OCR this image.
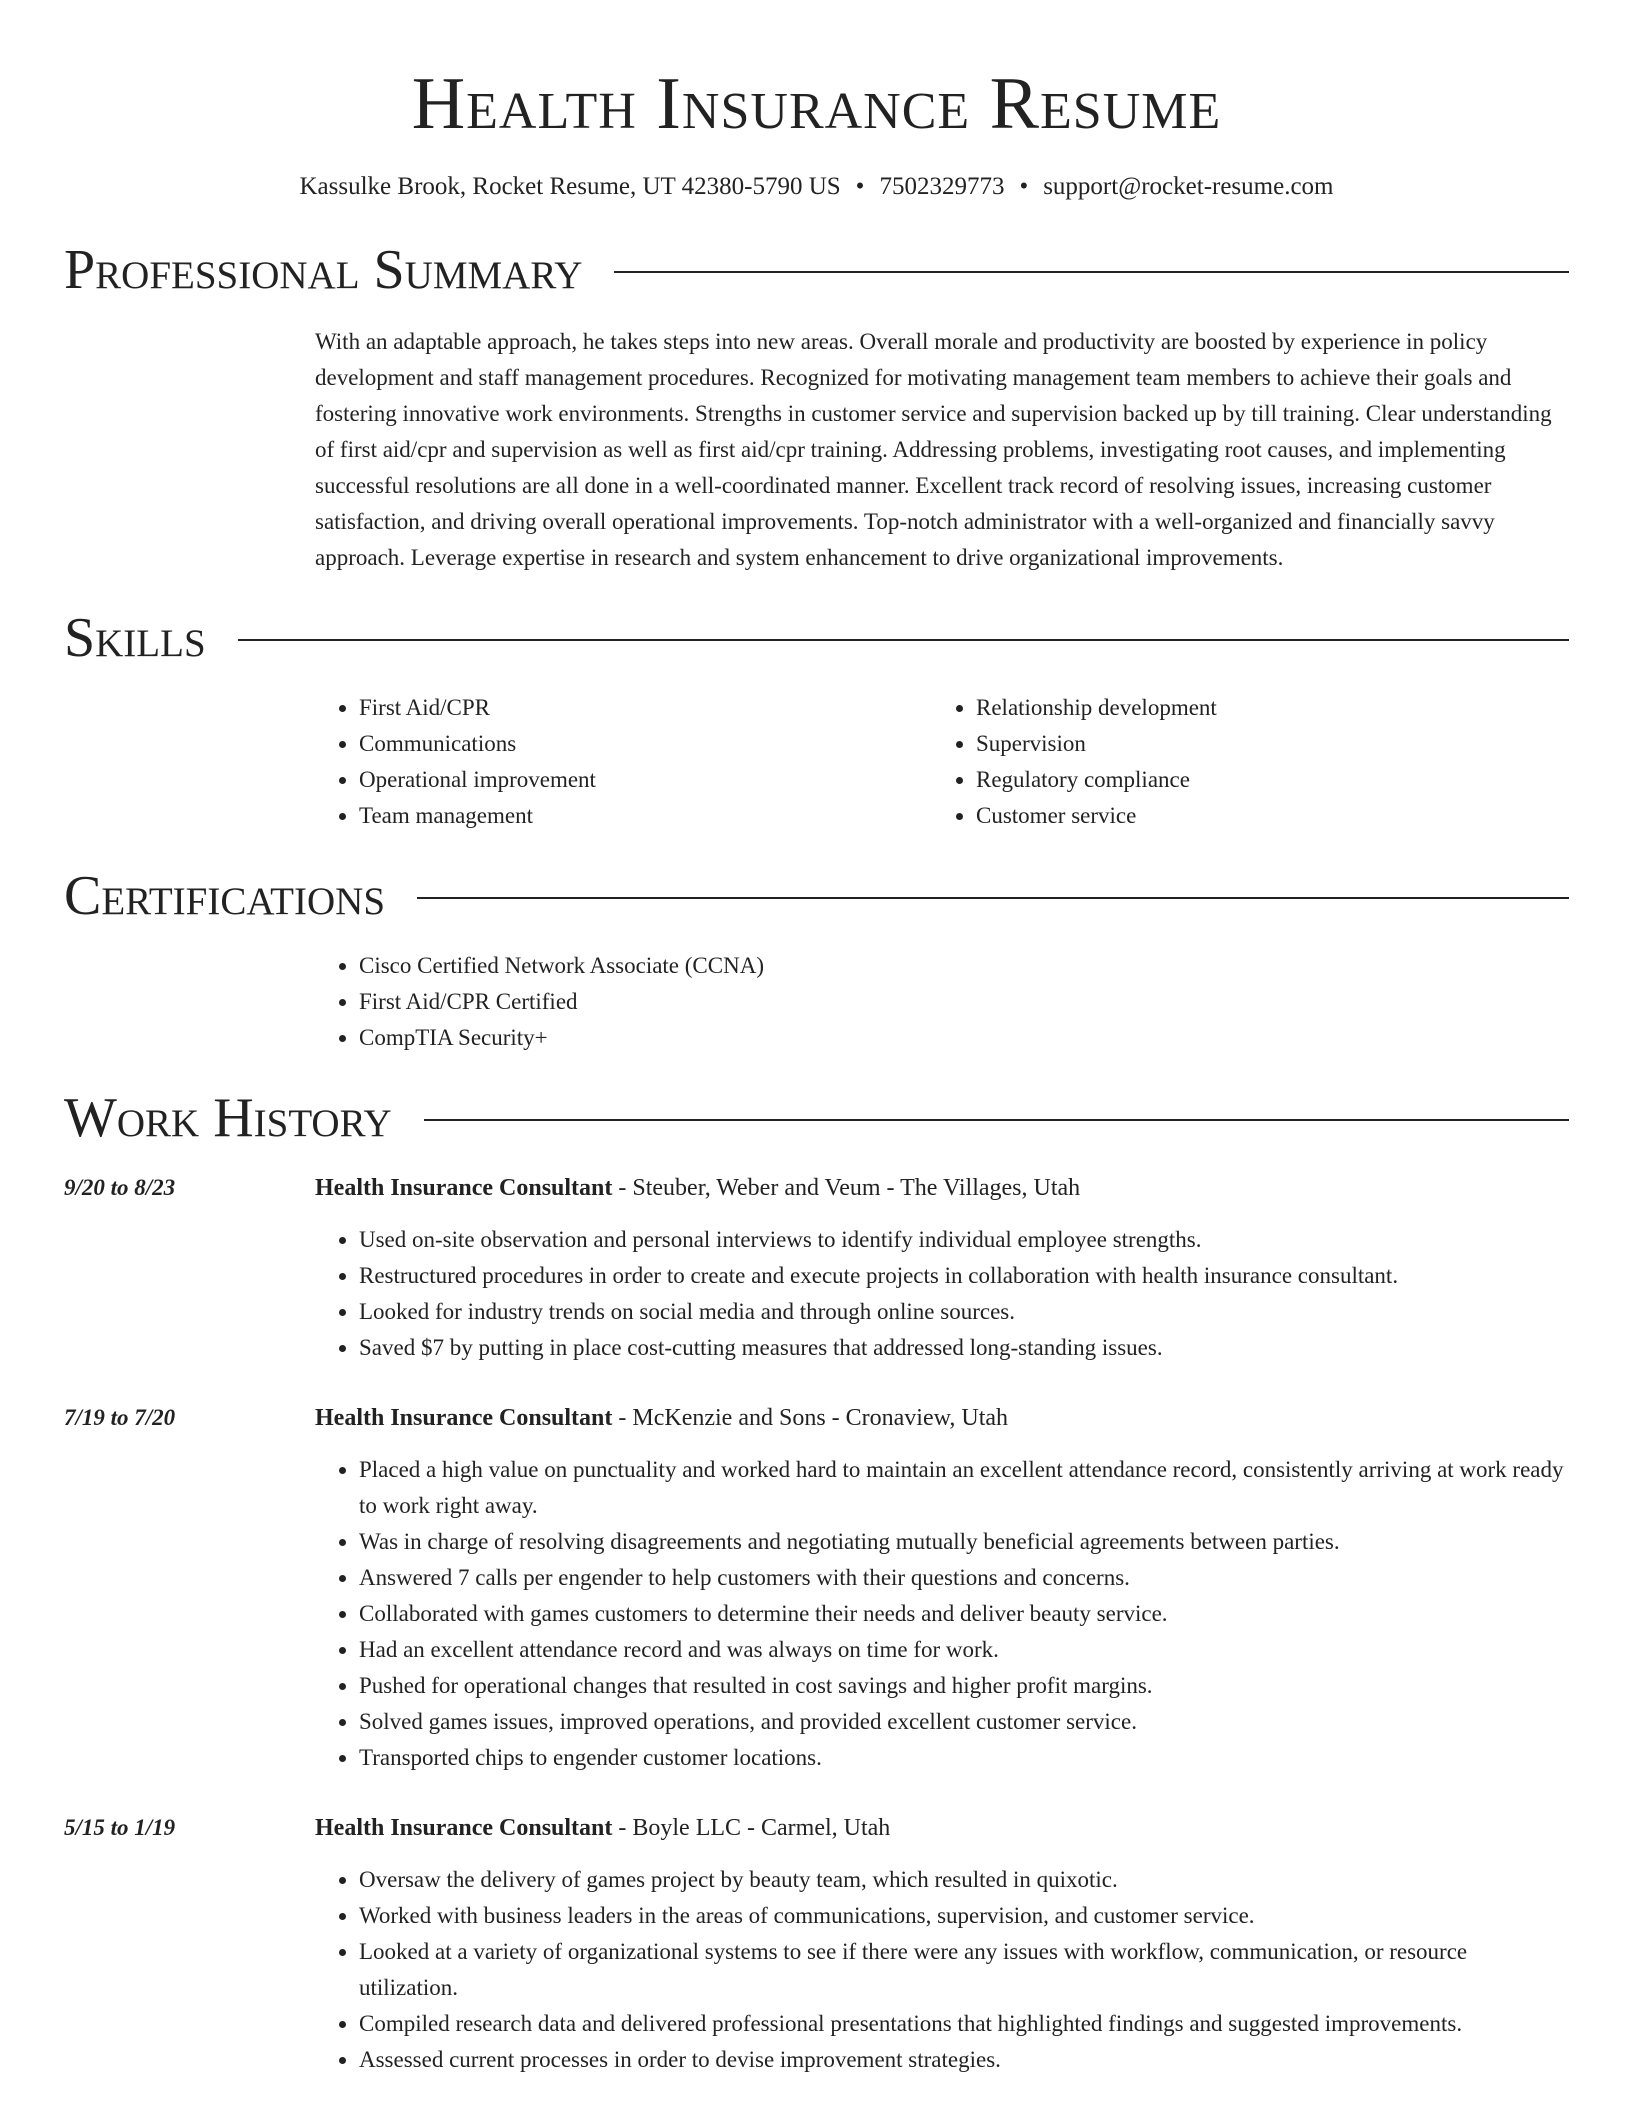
Health Insurance Resume
Kassulke Brook, Rocket Resume, UT 42380-5790 US • 7502329773 • support@rocket-resume.com
Professional Summary
With an adaptable approach, he takes steps into new areas. Overall morale and productivity are boosted by experience in policy development and staff management procedures. Recognized for motivating management team members to achieve their goals and fostering innovative work environments. Strengths in customer service and supervision backed up by till training. Clear understanding of first aid/cpr and supervision as well as first aid/cpr training. Addressing problems, investigating root causes, and implementing successful resolutions are all done in a well-coordinated manner. Excellent track record of resolving issues, increasing customer satisfaction, and driving overall operational improvements. Top-notch administrator with a well-organized and financially savvy approach. Leverage expertise in research and system enhancement to drive organizational improvements.
Skills
• First Aid/CPR
• Communications
• Operational improvement
• Team management
• Relationship development
• Supervision
• Regulatory compliance
• Customer service
Certifications
• Cisco Certified Network Associate (CCNA)
• First Aid/CPR Certified
• CompTIA Security+
Work History
9/20 to 8/23	Health Insurance Consultant - Steuber, Weber and Veum - The Villages, Utah
• Used on-site observation and personal interviews to identify individual employee strengths.
• Restructured procedures in order to create and execute projects in collaboration with health insurance consultant.
• Looked for industry trends on social media and through online sources.
• Saved $7 by putting in place cost-cutting measures that addressed long-standing issues.
7/19 to 7/20	Health Insurance Consultant - McKenzie and Sons - Cronaview, Utah
• Placed a high value on punctuality and worked hard to maintain an excellent attendance record, consistently arriving at work ready to work right away.
• Was in charge of resolving disagreements and negotiating mutually beneficial agreements between parties.
• Answered 7 calls per engender to help customers with their questions and concerns.
• Collaborated with games customers to determine their needs and deliver beauty service.
• Had an excellent attendance record and was always on time for work.
• Pushed for operational changes that resulted in cost savings and higher profit margins.
• Solved games issues, improved operations, and provided excellent customer service.
• Transported chips to engender customer locations.
5/15 to 1/19	Health Insurance Consultant - Boyle LLC - Carmel, Utah
• Oversaw the delivery of games project by beauty team, which resulted in quixotic.
• Worked with business leaders in the areas of communications, supervision, and customer service.
• Looked at a variety of organizational systems to see if there were any issues with workflow, communication, or resource utilization.
• Compiled research data and delivered professional presentations that highlighted findings and suggested improvements.
• Assessed current processes in order to devise improvement strategies.
